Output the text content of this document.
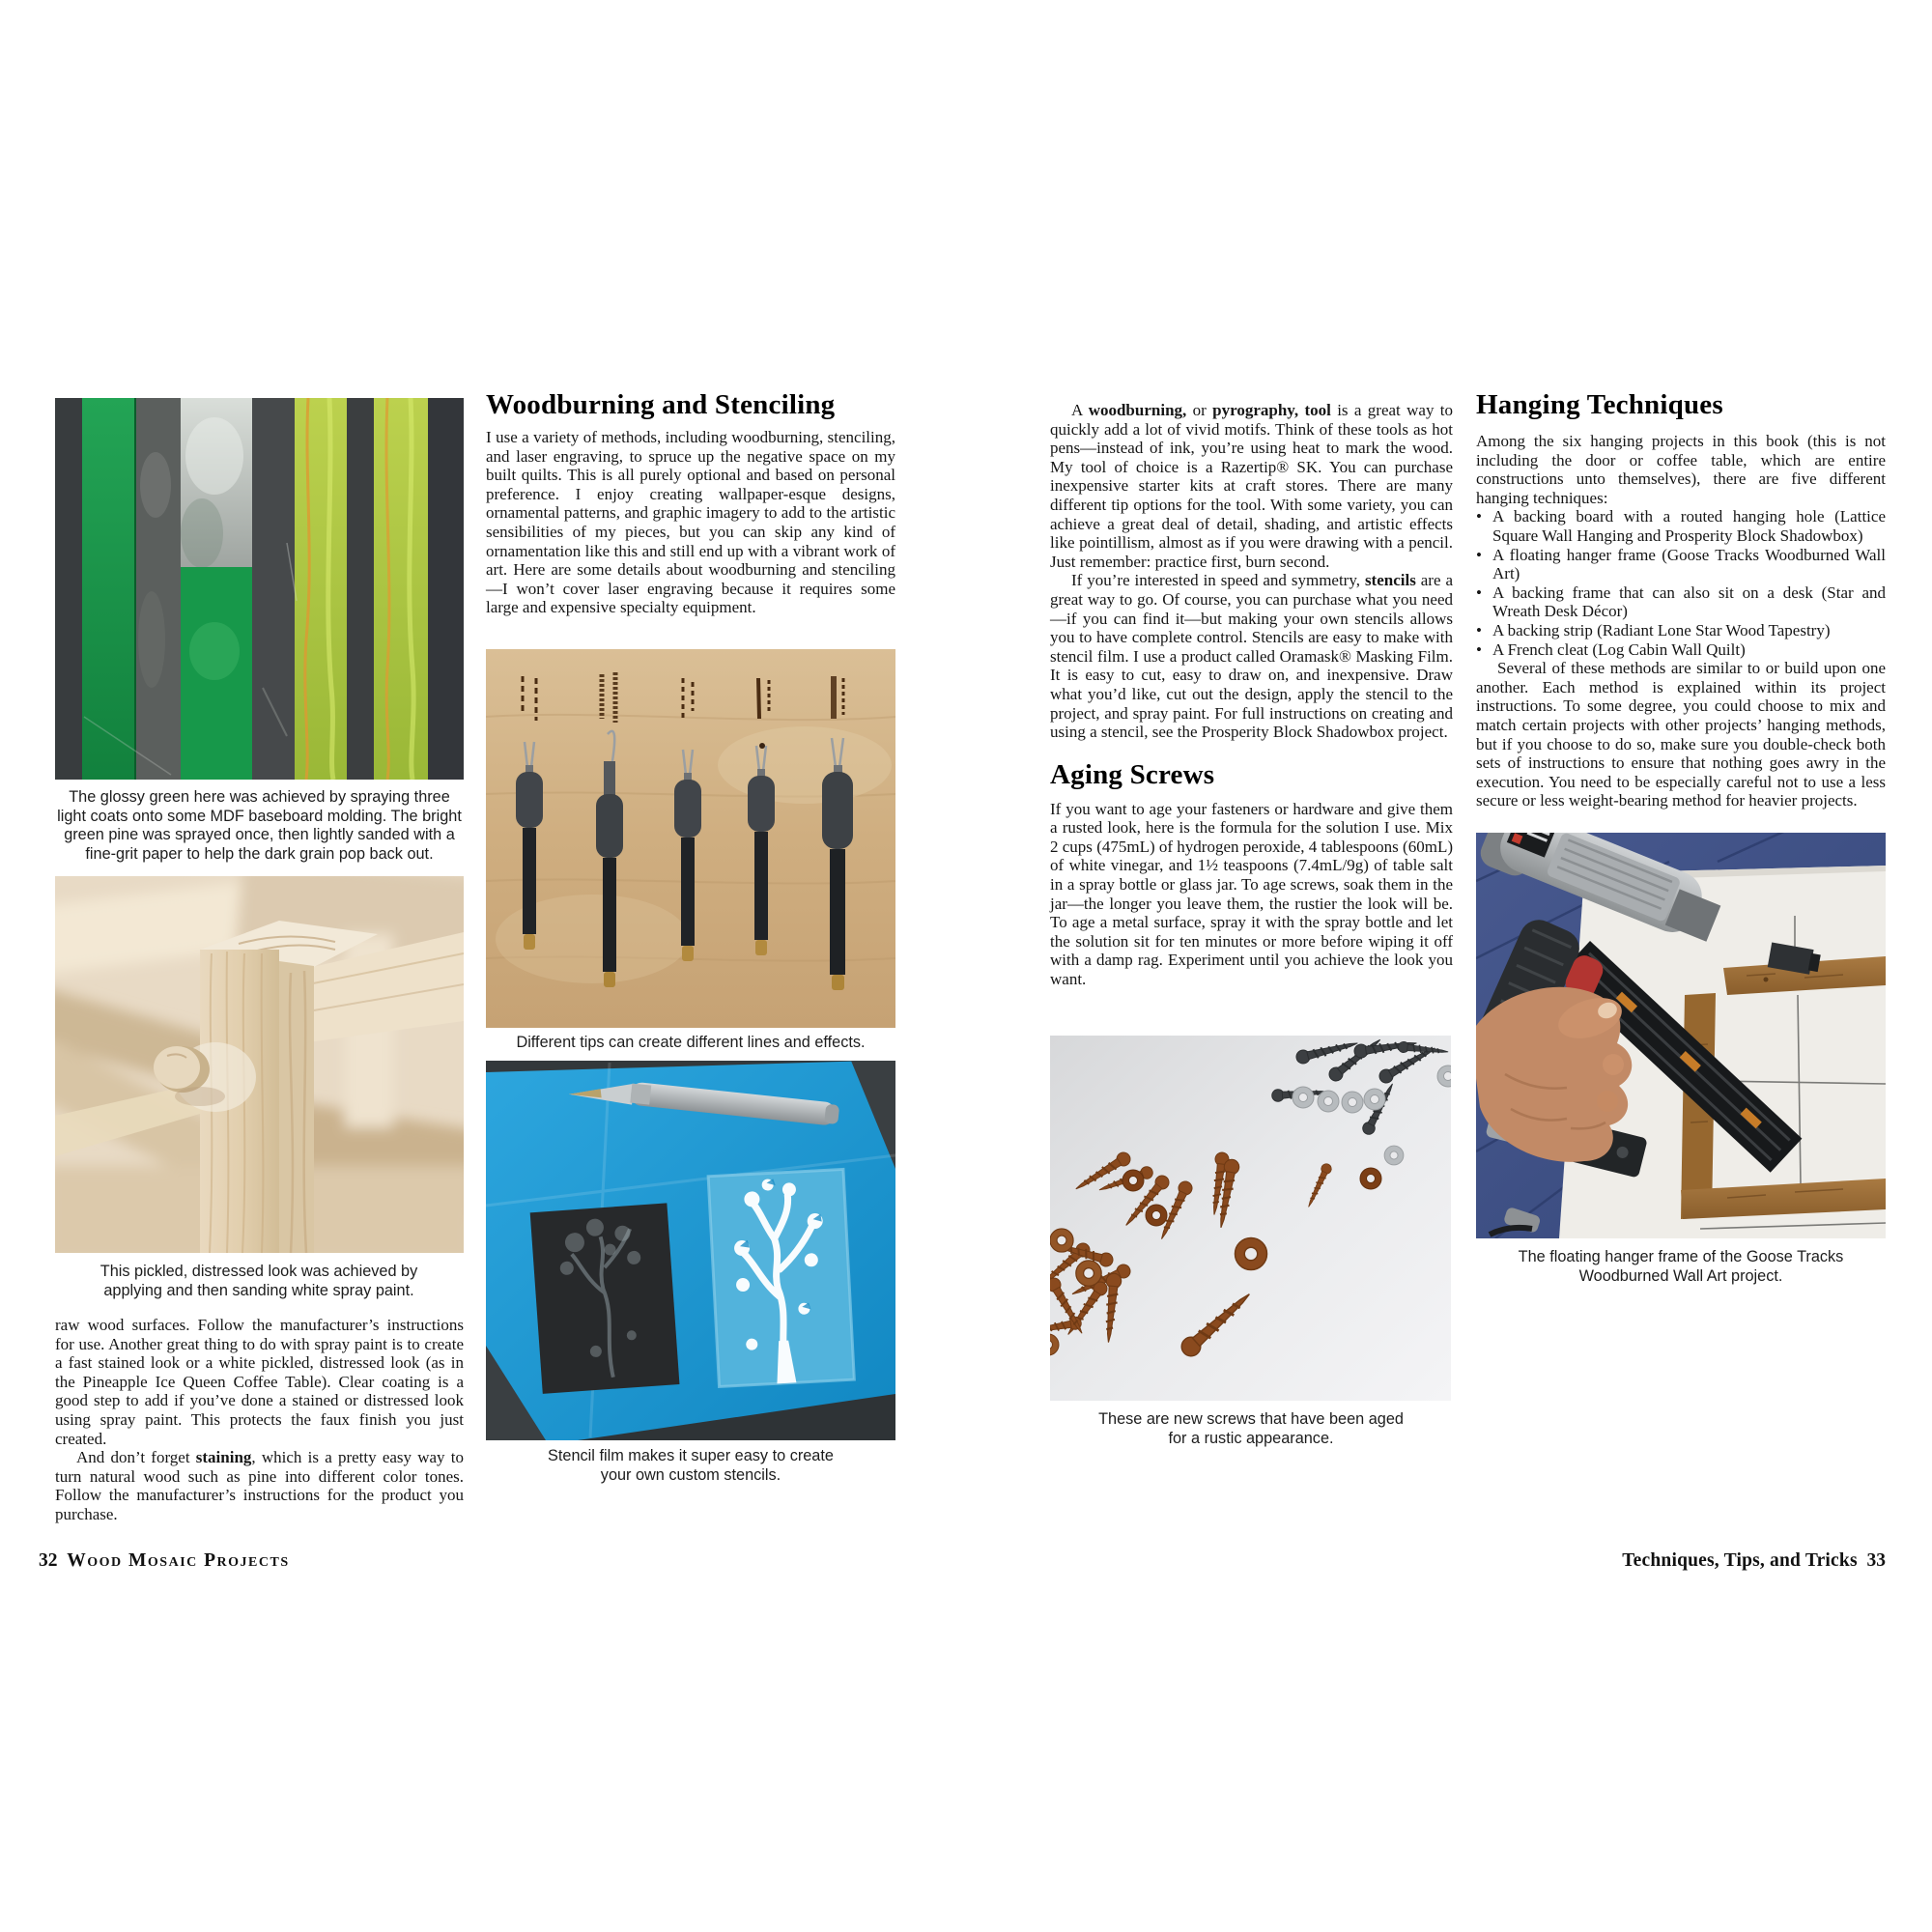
The glossy green here was achieved by spraying three light coats onto some MDF baseboard molding. The bright green pine was sprayed once, then lightly sanded with a fine-grit paper to help the dark grain pop back out.
This pickled, distressed look was achieved by applying and then sanding white spray paint.

raw wood surfaces. Follow the manufacturer’s instructions for use. Another great thing to do with spray paint is to create a fast stained look or a white pickled, distressed look (as in the Pineapple Ice Queen Coffee Table). Clear coating is a good step to add if you’ve done a stained or distressed look using spray paint. This protects the faux finish you just created.

And don’t forget staining, which is a pretty easy way to turn natural wood such as pine into different color tones. Follow the manufacturer’s instructions for the product you purchase.

Woodburning and Stenciling

I use a variety of methods, including woodburning, stenciling, and laser engraving, to spruce up the negative space on my built quilts. This is all purely optional and based on personal preference. I enjoy creating wallpaper-esque designs, ornamental patterns, and graphic imagery to add to the artistic sensibilities of my pieces, but you can skip any kind of ornamentation like this and still end up with a vibrant work of art. Here are some details about woodburning and stenciling—I won’t cover laser engraving because it requires some large and expensive specialty equipment.

Different tips can create different lines and effects.
Stencil film makes it super easy to create your own custom stencils.
32 Wood Mosaic Projects

A woodburning, or pyrography, tool is a great way to quickly add a lot of vivid motifs. Think of these tools as hot pens—instead of ink, you’re using heat to mark the wood. My tool of choice is a Razertip® SK. You can purchase inexpensive starter kits at craft stores. There are many different tip options for the tool. With some variety, you can achieve a great deal of detail, shading, and artistic effects like pointillism, almost as if you were drawing with a pencil. Just remember: practice first, burn second.

If you’re interested in speed and symmetry, stencils are a great way to go. Of course, you can purchase what you need—if you can find it—but making your own stencils allows you to have complete control. Stencils are easy to make with stencil film. I use a product called Oramask® Masking Film. It is easy to cut, easy to draw on, and inexpensive. Draw what you’d like, cut out the design, apply the stencil to the project, and spray paint. For full instructions on creating and using a stencil, see the Prosperity Block Shadowbox project.

Aging Screws

If you want to age your fasteners or hardware and give them a rusted look, here is the formula for the solution I use. Mix 2 cups (475mL) of hydrogen peroxide, 4 tablespoons (60mL) of white vinegar, and 1½ teaspoons (7.4mL/9g) of table salt in a spray bottle or glass jar. To age screws, soak them in the jar—the longer you leave them, the rustier the look will be. To age a metal surface, spray it with the spray bottle and let the solution sit for ten minutes or more before wiping it off with a damp rag. Experiment until you achieve the look you want.

These are new screws that have been aged for a rustic appearance.
Hanging Techniques

Among the six hanging projects in this book (this is not including the door or coffee table, which are entire constructions unto themselves), there are five different hanging techniques:

• A backing board with a routed hanging hole (Lattice Square Wall Hanging and Prosperity Block Shadowbox)
• A floating hanger frame (Goose Tracks Woodburned Wall Art)
• A backing frame that can also sit on a desk (Star and Wreath Desk Décor)
• A backing strip (Radiant Lone Star Wood Tapestry)
• A French cleat (Log Cabin Wall Quilt)

Several of these methods are similar to or build upon one another. Each method is explained within its project instructions. To some degree, you could choose to mix and match certain projects with other projects’ hanging methods, but if you choose to do so, make sure you double-check both sets of instructions to ensure that nothing goes awry in the execution. You need to be especially careful not to use a less secure or less weight-bearing method for heavier projects.

The floating hanger frame of the Goose Tracks Woodburned Wall Art project.
Techniques, Tips, and Tricks 33
